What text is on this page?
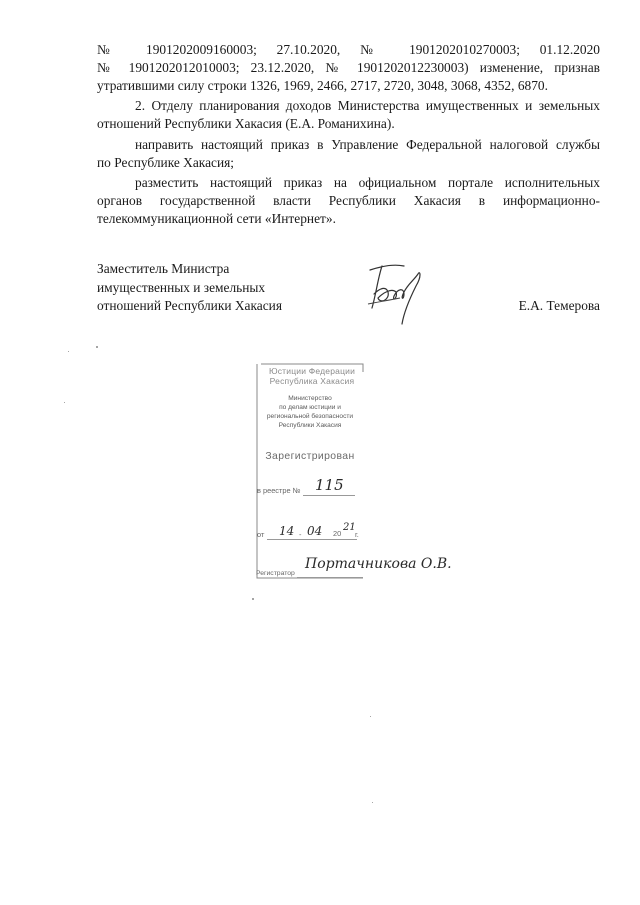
№ 1901202009160003; 27.10.2020, № 1901202010270003; 01.12.2020
№ 1901202012010003; 23.12.2020, № 1901202012230003) изменение, признав
утратившими силу строки 1326, 1969, 2466, 2717, 2720, 3048, 3068, 4352, 6870.
2. Отделу планирования доходов Министерства имущественных и земельных
отношений Республики Хакасия (Е.А. Романихина).
направить настоящий приказ в Управление Федеральной налоговой службы
по Республике Хакасия;
разместить настоящий приказ на официальном портале исполнительных
органов государственной власти Республики Хакасия в информационно-
телекоммуникационной сети «Интернет».
Заместитель Министра
имущественных и земельных
отношений Республики Хакасия	Е.А. Темерова
Юстиции Федерации
Республика Хакасия
Министерство
по делам юстиции и
региональной безопасности
Республики Хакасия
Зарегистрирован
в реестре № 115
от 14 - 04 20
21
г.
Регистратор
Портачникова О.В.
